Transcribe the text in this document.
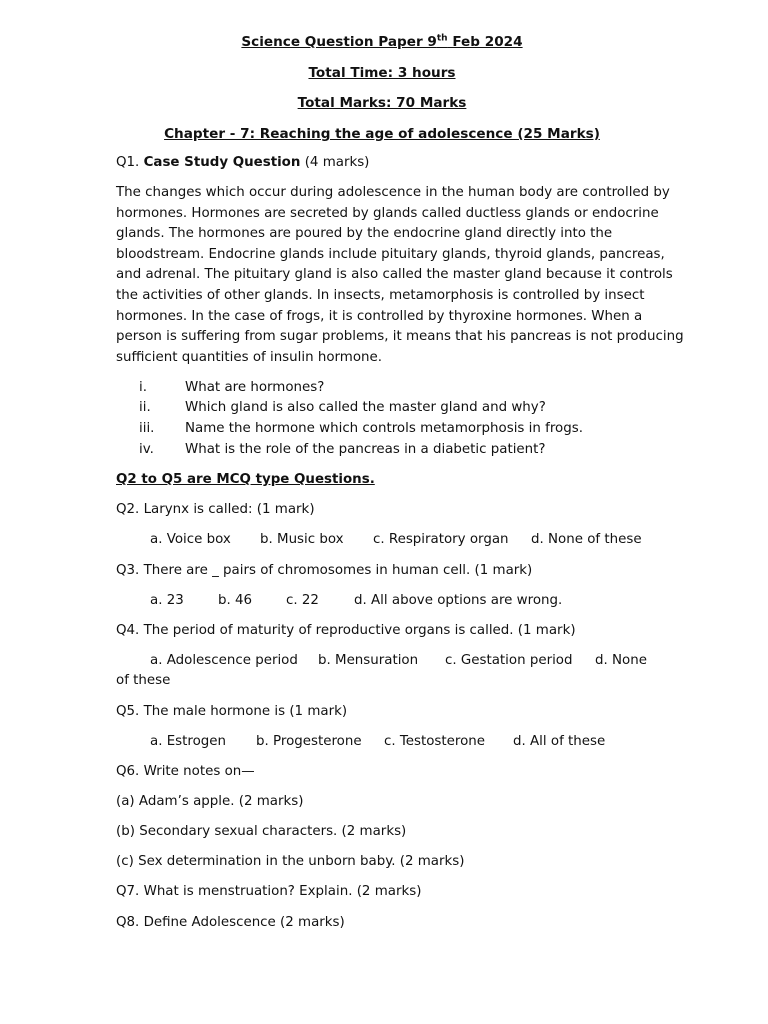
Science Question Paper 9th Feb 2024
Total Time: 3 hours
Total Marks: 70 Marks
Chapter - 7: Reaching the age of adolescence (25 Marks)
Q1. Case Study Question (4 marks)
The changes which occur during adolescence in the human body are controlled by
hormones. Hormones are secreted by glands called ductless glands or endocrine
glands. The hormones are poured by the endocrine gland directly into the
bloodstream. Endocrine glands include pituitary glands, thyroid glands, pancreas,
and adrenal. The pituitary gland is also called the master gland because it controls
the activities of other glands. In insects, metamorphosis is controlled by insect
hormones. In the case of frogs, it is controlled by thyroxine hormones. When a
person is suffering from sugar problems, it means that his pancreas is not producing
sufficient quantities of insulin hormone.
i.	What are hormones?
ii.	Which gland is also called the master gland and why?
iii. Name the hormone which controls metamorphosis in frogs.
iv. What is the role of the pancreas in a diabetic patient?
Q2 to Q5 are MCQ type Questions.
Q2. Larynx is called: (1 mark)
a. Voice box b. Music box c. Respiratory organ d. None of these
Q3. There are _ pairs of chromosomes in human cell. (1 mark)
a. 23	b. 46	c. 22	d. All above options are wrong.
Q4. The period of maturity of reproductive organs is called. (1 mark)
a. Adolescence period b. Mensuration c. Gestation period d. None
of these
Q5. The male hormone is (1 mark)
a. Estrogen b. Progesterone c. Testosterone d. All of these
Q6. Write notes on—
(a) Adam’s apple. (2 marks)
(b) Secondary sexual characters. (2 marks)
(c) Sex determination in the unborn baby. (2 marks)
Q7. What is menstruation? Explain. (2 marks)
Q8. Define Adolescence (2 marks)
